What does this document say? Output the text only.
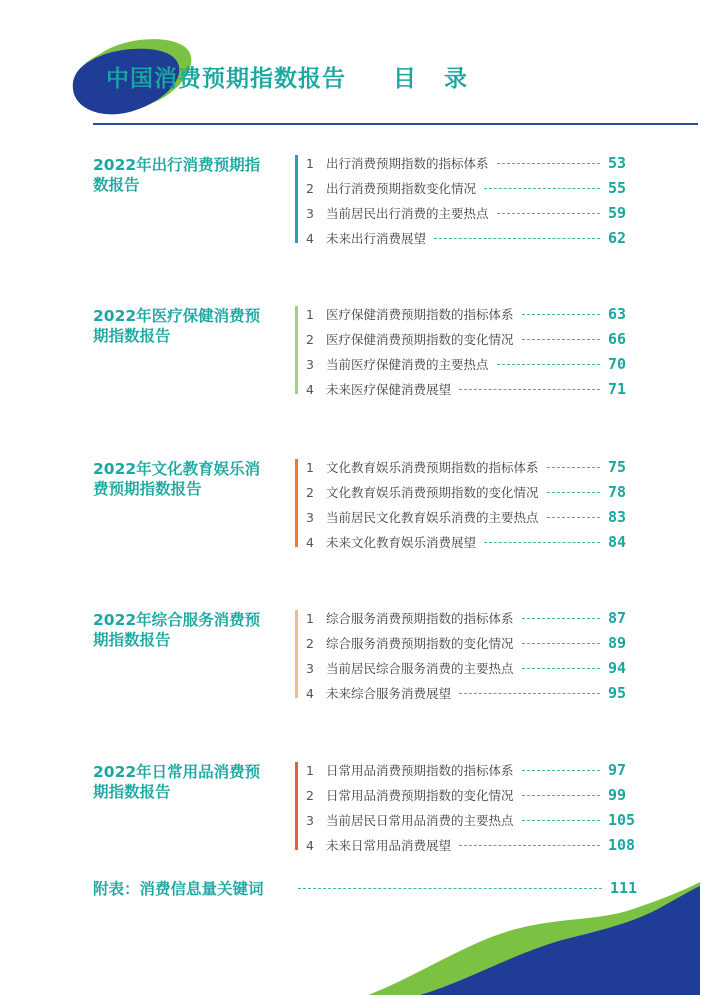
中国消费预期指数报告 目 录
2022年出行消费预期指数报告
1 出行消费预期指数的指标体系	53
2 出行消费预期指数变化情况	55
3 当前居民出行消费的主要热点	59
4 未来出行消费展望	62
2022年医疗保健消费预期指数报告
1 医疗保健消费预期指数的指标体系	63
2 医疗保健消费预期指数的变化情况	66
3 当前医疗保健消费的主要热点	70
4 未来医疗保健消费展望	71
2022年文化教育娱乐消费预期指数报告
1 文化教育娱乐消费预期指数的指标体系	75
2 文化教育娱乐消费预期指数的变化情况	78
3 当前居民文化教育娱乐消费的主要热点	83
4 未来文化教育娱乐消费展望	84
2022年综合服务消费预期指数报告
1 综合服务消费预期指数的指标体系	87
2 综合服务消费预期指数的变化情况	89
3 当前居民综合服务消费的主要热点	94
4 未来综合服务消费展望	95
2022年日常用品消费预期指数报告
1 日常用品消费预期指数的指标体系	97
2 日常用品消费预期指数的变化情况	99
3 当前居民日常用品消费的主要热点	105
4 未来日常用品消费展望	108
附表：消费信息量关键词	111
